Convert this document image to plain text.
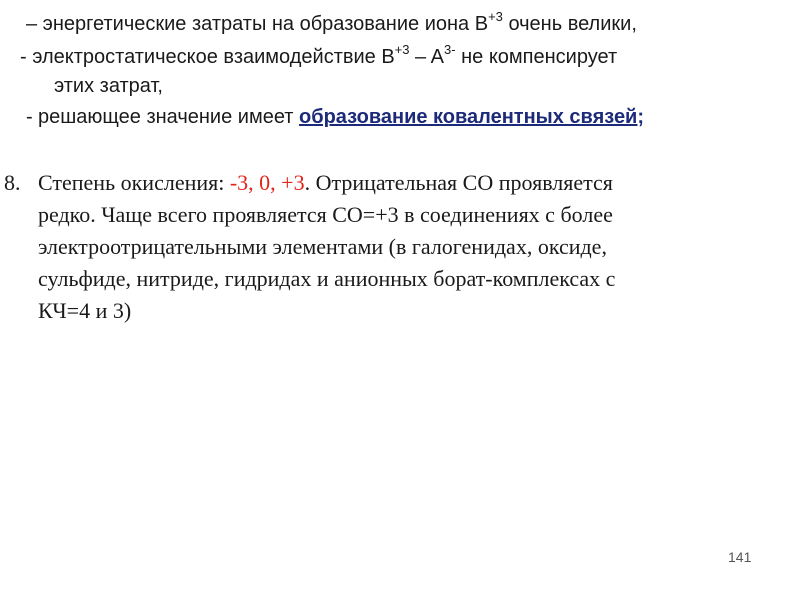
– энергетические затраты на образование иона $B^{+3}$ очень велики,
- электростатическое взаимодействие $B^{+3} - A^{3-}$ не компенсирует
этих затрат,
- решающее значение имеет образование ковалентных связей;
8. Степень окисления: -3, 0, +3. Отрицательная СО проявляется
редко. Чаще всего проявляется СО=+3 в соединениях с более
электроотрицательными элементами (в галогенидах, оксиде,
сульфиде, нитриде, гидридах и анионных борат-комплексах с
КЧ=4 и 3)
141
